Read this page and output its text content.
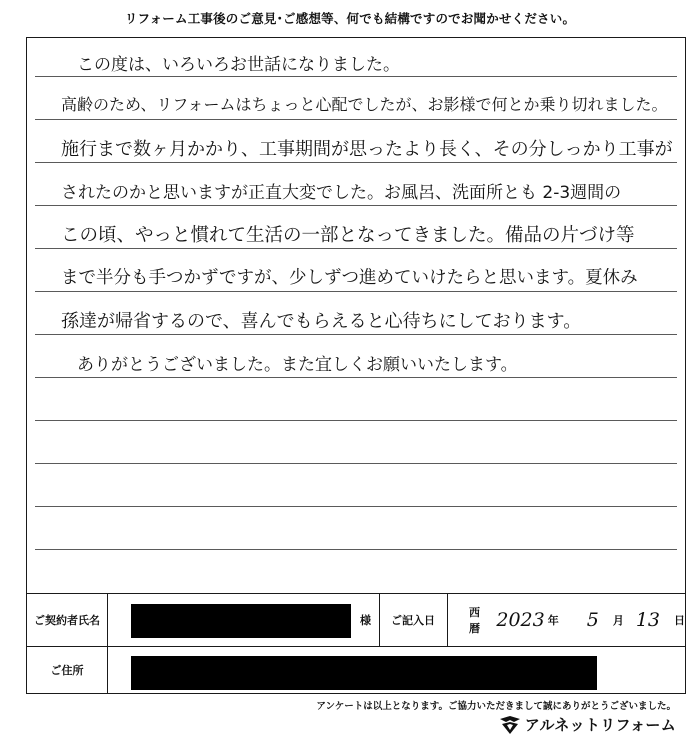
リフォーム工事後のご意見･ご感想等、何でも結構ですのでお聞かせください。
この度は、いろいろお世話になりました。
高齢のため、リフォームはちょっと心配でしたが、お影様で何とか乗り切れました。
施行まで数ヶ月かかり、工事期間が思ったより長く、その分しっかり工事が
されたのかと思いますが正直大変でした。お風呂、洗面所とも 2-3週間の
この頃、やっと慣れて生活の一部となってきました。備品の片づけ等
まで半分も手つかずですが、少しずつ進めていけたらと思います。夏休み
孫達が帰省するので、喜んでもらえると心待ちにしております。
ありがとうございました。また宜しくお願いいたします。
ご契約者氏名	様	ご記入日
西暦 2023 年 5 月 13 日
ご住所
アンケートは以上となります。ご協力いただきまして誠にありがとうございました。
アルネットリフォーム
